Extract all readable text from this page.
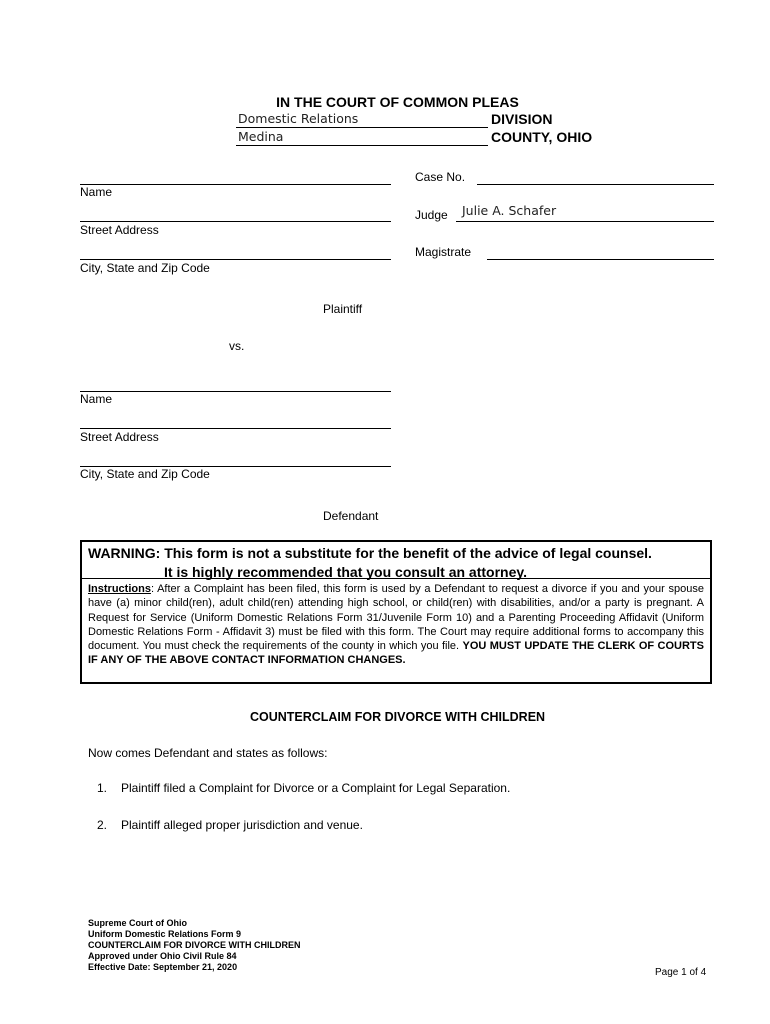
IN THE COURT OF COMMON PLEAS
Domestic Relations	DIVISION
Medina	COUNTY, OHIO
Case No.
Judge Julie A. Schafer
Magistrate
Name
Street Address
City, State and Zip Code
Plaintiff
vs.
Name
Street Address
City, State and Zip Code
Defendant
WARNING: This form is not a substitute for the benefit of the advice of legal counsel.
It is highly recommended that you consult an attorney.
Instructions: After a Complaint has been filed, this form is used by a Defendant to request a divorce if you and your spouse have (a) minor child(ren), adult child(ren) attending high school, or child(ren) with disabilities, and/or a party is pregnant. A Request for Service (Uniform Domestic Relations Form 31/Juvenile Form 10) and a Parenting Proceeding Affidavit (Uniform Domestic Relations Form - Affidavit 3) must be filed with this form. The Court may require additional forms to accompany this document. You must check the requirements of the county in which you file. YOU MUST UPDATE THE CLERK OF COURTS IF ANY OF THE ABOVE CONTACT INFORMATION CHANGES.
COUNTERCLAIM FOR DIVORCE WITH CHILDREN
Now comes Defendant and states as follows:
1. Plaintiff filed a Complaint for Divorce or a Complaint for Legal Separation.
2. Plaintiff alleged proper jurisdiction and venue.
Supreme Court of Ohio
Uniform Domestic Relations Form 9
COUNTERCLAIM FOR DIVORCE WITH CHILDREN
Approved under Ohio Civil Rule 84
Effective Date: September 21, 2020	Page 1 of 4
